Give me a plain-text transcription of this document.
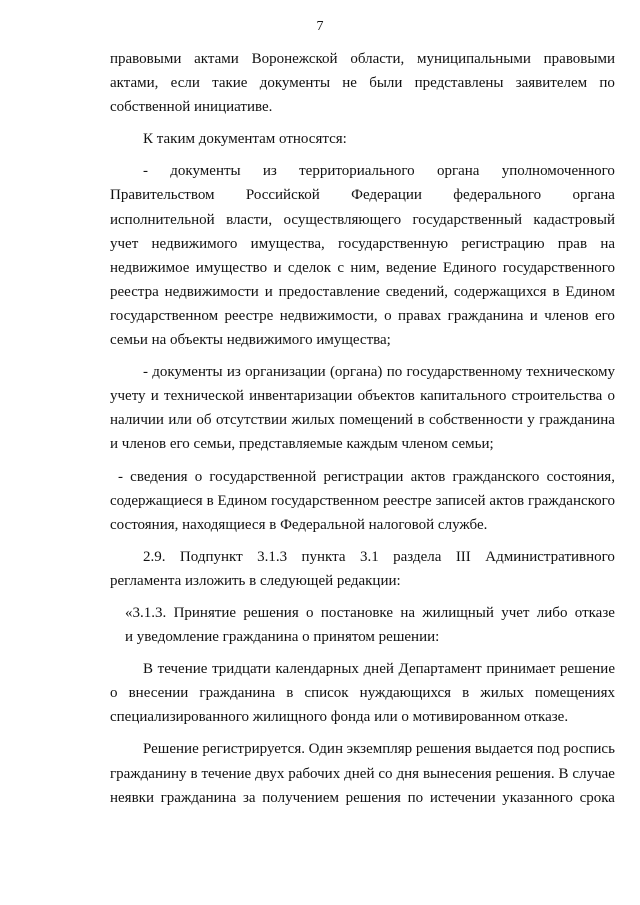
7
правовыми актами Воронежской области, муниципальными правовыми
актами, если такие документы не были представлены заявителем по
собственной инициативе.
К таким документам относятся:
- документы из территориального органа уполномоченного
Правительством Российской Федерации федерального органа
исполнительной власти, осуществляющего государственный кадастровый
учет недвижимого имущества, государственную регистрацию прав на
недвижимое имущество и сделок с ним, ведение Единого государственного
реестра недвижимости и предоставление сведений, содержащихся в Едином
государственном реестре недвижимости, о правах гражданина и членов его
семьи на объекты недвижимого имущества;
- документы из организации (органа) по государственному техническому
учету и технической инвентаризации объектов капитального строительства о
наличии или об отсутствии жилых помещений в собственности у гражданина
и членов его семьи, представляемые каждым членом семьи;
- сведения о государственной регистрации актов гражданского состояния,
содержащиеся в Едином государственном реестре записей актов гражданского
состояния, находящиеся в Федеральной налоговой службе.
2.9. Подпункт 3.1.3 пункта 3.1 раздела III Административного
регламента изложить в следующей редакции:
«3.1.3. Принятие решения о постановке на жилищный учет либо отказе
и уведомление гражданина о принятом решении:
В течение тридцати календарных дней Департамент принимает решение
о внесении гражданина в список нуждающихся в жилых помещениях
специализированного жилищного фонда или о мотивированном отказе.
Решение регистрируется. Один экземпляр решения выдается под роспись
гражданину в течение двух рабочих дней со дня вынесения решения. В случае
неявки гражданина за получением решения по истечении указанного срока
